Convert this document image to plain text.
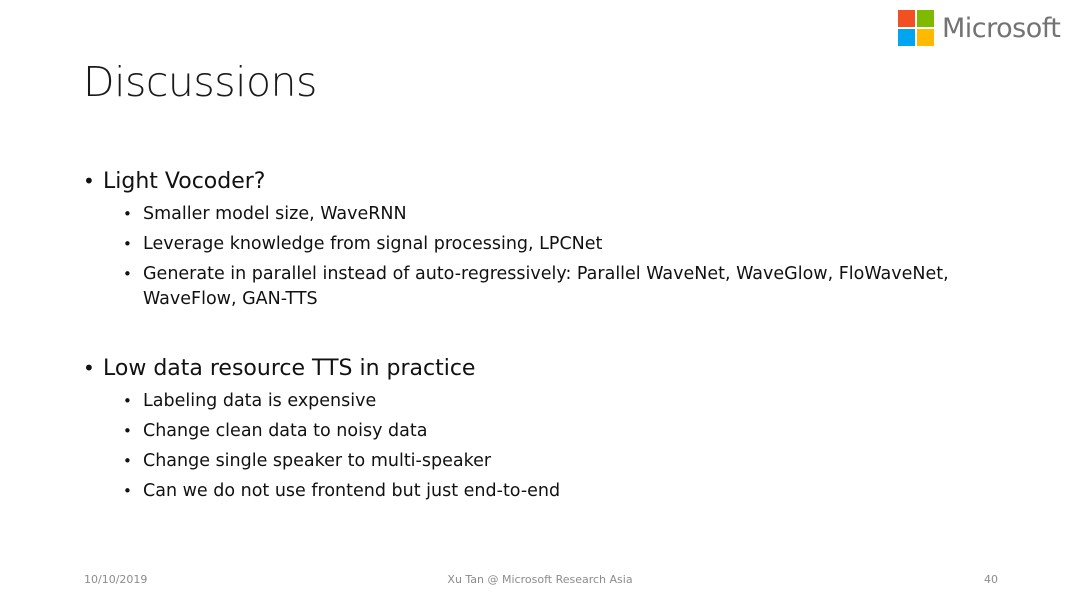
Microsoft
Discussions
• Light Vocoder?
• Smaller model size, WaveRNN
• Leverage knowledge from signal processing, LPCNet
• Generate in parallel instead of auto-regressively: Parallel WaveNet, WaveGlow, FloWaveNet, WaveFlow, GAN-TTS
• Low data resource TTS in practice
• Labeling data is expensive
• Change clean data to noisy data
• Change single speaker to multi-speaker
• Can we do not use frontend but just end-to-end
10/10/2019	Xu Tan @ Microsoft Research Asia	40
